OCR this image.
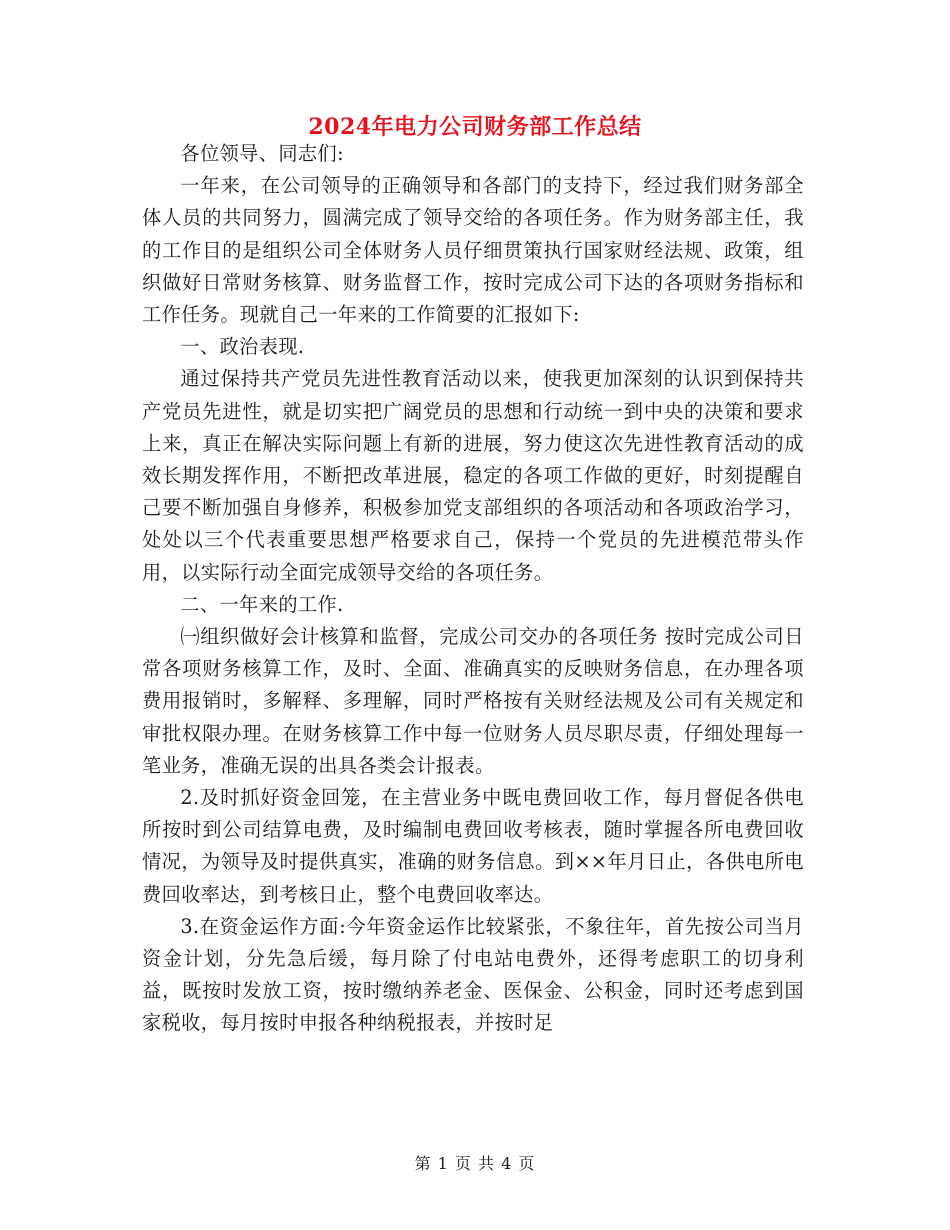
2024年电力公司财务部工作总结

各位领导、同志们:

一年来，在公司领导的正确领导和各部门的支持下，经过我们财务部全体人员的共同努力，圆满完成了领导交给的各项任务。作为财务部主任，我的工作目的是组织公司全体财务人员仔细贯策执行国家财经法规、政策，组织做好日常财务核算、财务监督工作，按时完成公司下达的各项财务指标和工作任务。现就自己一年来的工作简要的汇报如下:

一、政治表现.

通过保持共产党员先进性教育活动以来，使我更加深刻的认识到保持共产党员先进性，就是切实把广阔党员的思想和行动统一到中央的决策和要求上来，真正在解决实际问题上有新的进展，努力使这次先进性教育活动的成效长期发挥作用，不断把改革进展，稳定的各项工作做的更好，时刻提醒自己要不断加强自身修养，积极参加党支部组织的各项活动和各项政治学习，处处以三个代表重要思想严格要求自己，保持一个党员的先进模范带头作用，以实际行动全面完成领导交给的各项任务。

二、一年来的工作.

㈠组织做好会计核算和监督，完成公司交办的各项任务 按时完成公司日常各项财务核算工作，及时、全面、准确真实的反映财务信息，在办理各项费用报销时，多解释、多理解，同时严格按有关财经法规及公司有关规定和审批权限办理。在财务核算工作中每一位财务人员尽职尽责，仔细处理每一笔业务，准确无误的出具各类会计报表。

2.及时抓好资金回笼，在主营业务中既电费回收工作，每月督促各供电所按时到公司结算电费，及时编制电费回收考核表，随时掌握各所电费回收情况，为领导及时提供真实，准确的财务信息。到××年月日止，各供电所电费回收率达，到考核日止，整个电费回收率达。

3.在资金运作方面:今年资金运作比较紧张，不象往年，首先按公司当月资金计划，分先急后缓，每月除了付电站电费外，还得考虑职工的切身利益，既按时发放工资，按时缴纳养老金、医保金、公积金，同时还考虑到国家税收，每月按时申报各种纳税报表，并按时足

第 1 页 共 4 页
